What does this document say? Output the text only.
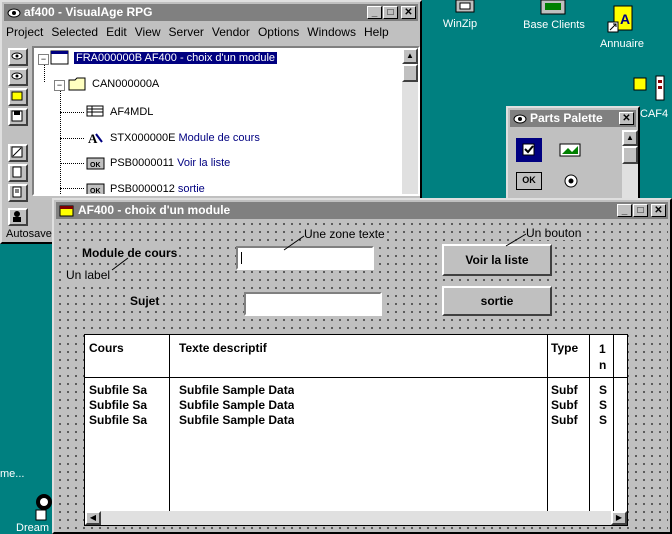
WinZip	Base Clients	A
Annuaire
CAF4
me...
Dream
af400 - VisualAge RPG	_	□	✕
Project Selected Edit View Server Vendor Options Windows Help
−	FRA000000B AF400 - choix d'un module
−	CAN000000A
AF4MDL
A STX000000E Module de cours
OK PSB0000011 Voir la liste
OK PSB0000012 sortie
▲
Autosave
Parts Palette	✕
OK
▲
AF400 - choix d'un module	_	□	✕
Module de cours
Sujet
Voir la liste
sortie
Une zone texte	Un bouton
Un label
Cours	Texte descriptif	Type	1 n
Subfile Sa	Subfile Sample Data	Subf S
Subfile Sa	Subfile Sample Data	Subf S
Subfile Sa	Subfile Sample Data	Subf S
◀	▶
